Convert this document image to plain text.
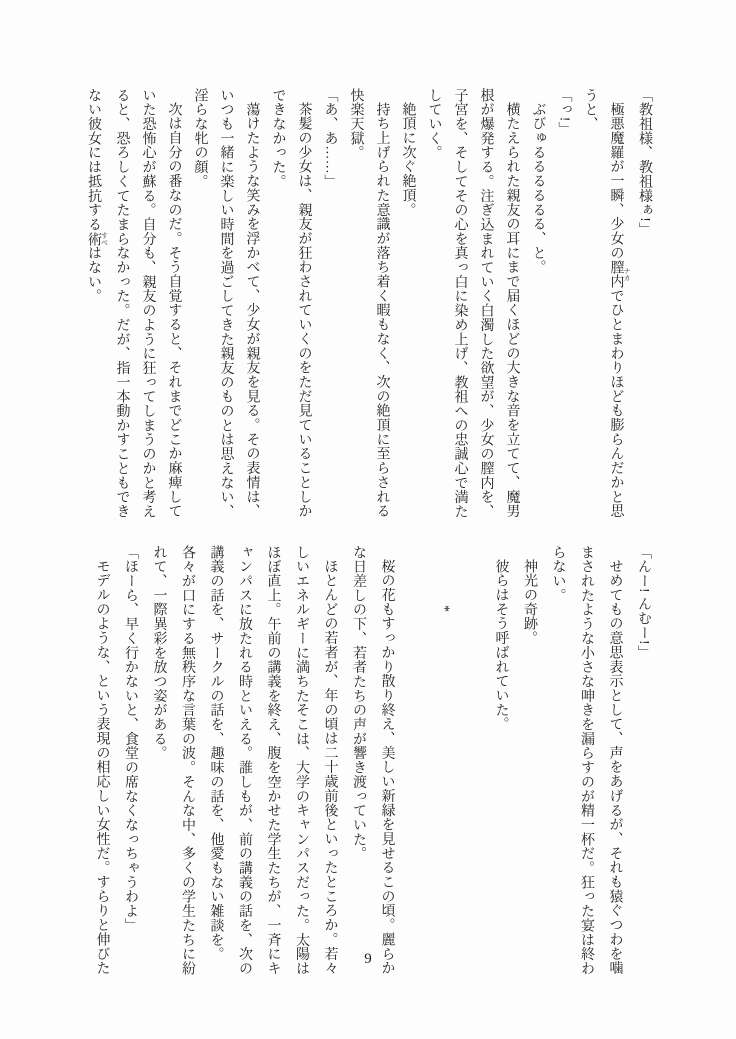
「教祖様、教祖様ぁ!」
極悪魔羅が一瞬、少女の膣内 ナカでひとまわりほども膨らんだかと思
うと、
「っ!」
ぶびゅるるるるるる、と。
横たえられた親友の耳にまで届くほどの大きな音を立てて、魔男
根が爆発する。注ぎ込まれていく白濁した欲望が、少女の膣内を、
子宮を、そしてその心を真っ白に染め上げ、教祖への忠誠心で満た
していく。
絶頂に次ぐ絶頂。
持ち上げられた意識が落ち着く暇もなく、次の絶頂に至らされる
快楽天獄。
「あ、あ……」
茶髪の少女は、親友が狂わされていくのをただ見ていることしか
できなかった。
蕩けたような笑みを浮かべて、少女が親友を見る。その表情は、
いつも一緒に楽しい時間を過ごしてきた親友のものとは思えない、
淫らな牝の顔。
次は自分の番なのだ。そう自覚すると、それまでどこか麻痺して
いた恐怖心が蘇る。自分も、親友のように狂ってしまうのかと考え
ると、恐ろしくてたまらなかった。だが、指一本動かすこともでき
ない彼女には抵抗する術 すべはない。
「んー! んむー!」
せめてもの意思表示として、声をあげるが、それも猿ぐつわを噛
まされたような小さな呻きを漏らすのが精一杯だ。狂った宴は終わ
らない。
神光の奇跡。
彼らはそう呼ばれていた。

*

桜の花もすっかり散り終え、美しい新緑を見せるこの頃。麗らか
な日差しの下、若者たちの声が響き渡っていた。
ほとんどの若者が、年の頃は二十歳前後といったところか。若々
しいエネルギーに満ちたそこは、大学のキャンパスだった。太陽は
ほぼ直上。午前の講義を終え、腹を空かせた学生たちが、一斉にキ
ャンパスに放たれる時といえる。誰しもが、前の講義の話を、次の
講義の話を、サークルの話を、趣味の話を、他愛もない雑談を。
各々が口にする無秩序な言葉の波。そんな中、多くの学生たちに紛
れて、一際異彩を放つ姿がある。
「ほーら、早く行かないと、食堂の席なくなっちゃうわよ」
モデルのような、という表現の相応しい女性だ。すらりと伸びた	9
